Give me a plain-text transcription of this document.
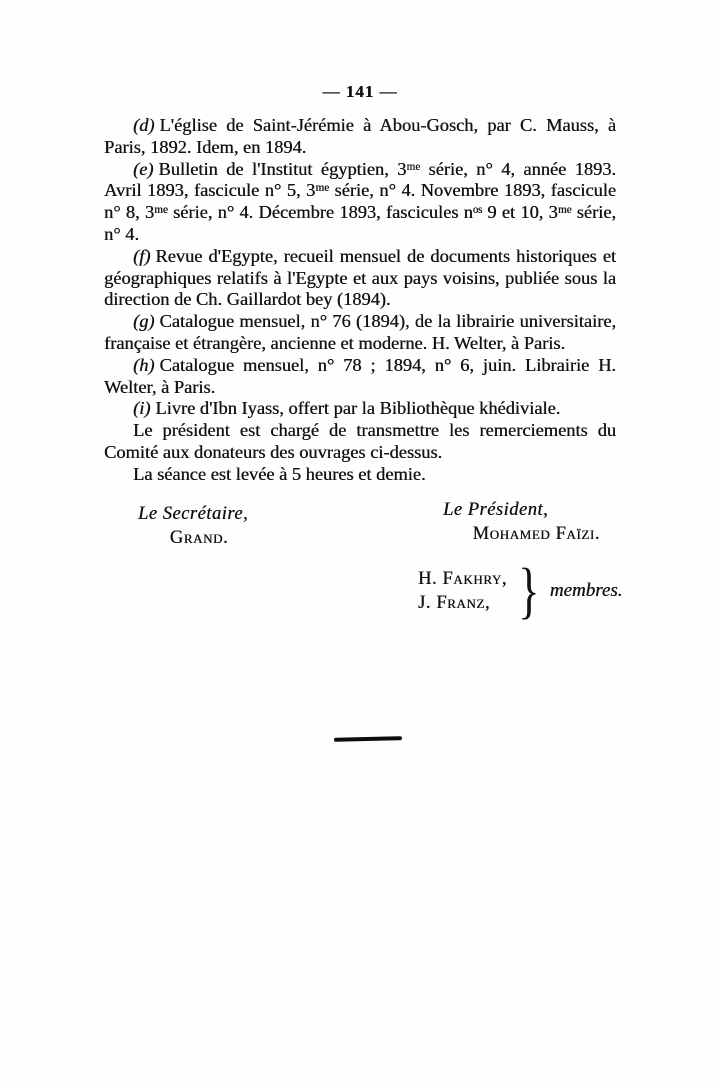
— 141 —

(d) L'église de Saint-Jérémie à Abou-Gosch, par C. Mauss, à Paris, 1892. Idem, en 1894.

(e) Bulletin de l'Institut égyptien, 3ᵐᵉ série, n° 4, année 1893. Avril 1893, fascicule n° 5, 3ᵐᵉ série, n° 4. Novembre 1893, fascicule n° 8, 3ᵐᵉ série, n° 4. Décembre 1893, fascicules nᵒˢ 9 et 10, 3ᵐᵉ série, n° 4.

(f) Revue d'Egypte, recueil mensuel de documents historiques et géographiques relatifs à l'Egypte et aux pays voisins, publiée sous la direction de Ch. Gaillardot bey (1894).

(g) Catalogue mensuel, n° 76 (1894), de la librairie universitaire, française et étrangère, ancienne et moderne. H. Welter, à Paris.

(h) Catalogue mensuel, n° 78 ; 1894, n° 6, juin. Librairie H. Welter, à Paris.

(i) Livre d'Ibn Iyass, offert par la Bibliothèque khédiviale.

Le président est chargé de transmettre les remerciements du Comité aux donateurs des ouvrages ci-dessus.

La séance est levée à 5 heures et demie.

Le Secrétaire,
Grand.
Le Président,
Mohamed Faïzi.
H. Fakhry,
J. Franz, } membres.
